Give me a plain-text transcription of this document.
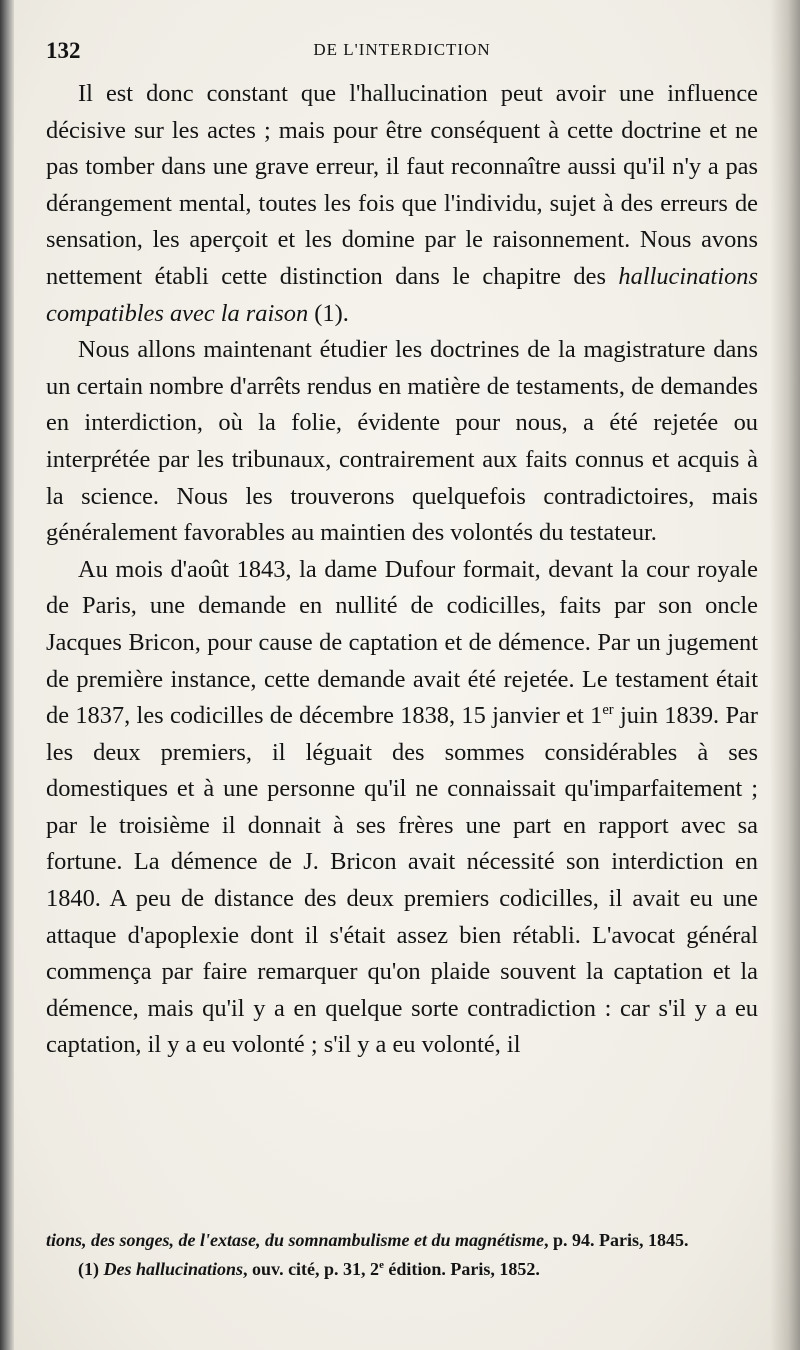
132	DE L'INTERDICTION

Il est donc constant que l'hallucination peut avoir une influence décisive sur les actes ; mais pour être conséquent à cette doctrine et ne pas tomber dans une grave erreur, il faut reconnaître aussi qu'il n'y a pas dérangement mental, toutes les fois que l'individu, sujet à des erreurs de sensation, les aperçoit et les domine par le raisonnement. Nous avons nettement établi cette distinction dans le chapitre des hallucinations compatibles avec la raison (1).

Nous allons maintenant étudier les doctrines de la magistrature dans un certain nombre d'arrêts rendus en matière de testaments, de demandes en interdiction, où la folie, évidente pour nous, a été rejetée ou interprétée par les tribunaux, contrairement aux faits connus et acquis à la science. Nous les trouverons quelquefois contradictoires, mais généralement favorables au maintien des volontés du testateur.

Au mois d'août 1843, la dame Dufour formait, devant la cour royale de Paris, une demande en nullité de codicilles, faits par son oncle Jacques Bricon, pour cause de captation et de démence. Par un jugement de première instance, cette demande avait été rejetée. Le testament était de 1837, les codicilles de décembre 1838, 15 janvier et 1er juin 1839. Par les deux premiers, il léguait des sommes considérables à ses domestiques et à une personne qu'il ne connaissait qu'imparfaitement ; par le troisième il donnait à ses frères une part en rapport avec sa fortune. La démence de J. Bricon avait nécessité son interdiction en 1840. A peu de distance des deux premiers codicilles, il avait eu une attaque d'apoplexie dont il s'était assez bien rétabli. L'avocat général commença par faire remarquer qu'on plaide souvent la captation et la démence, mais qu'il y a en quelque sorte contradiction : car s'il y a eu captation, il y a eu volonté ; s'il y a eu volonté, il

tions, des songes, de l'extase, du somnambulisme et du magnétisme, p. 94. Paris, 1845.

(1) Des hallucinations, ouv. cité, p. 31, 2e édition. Paris, 1852.
